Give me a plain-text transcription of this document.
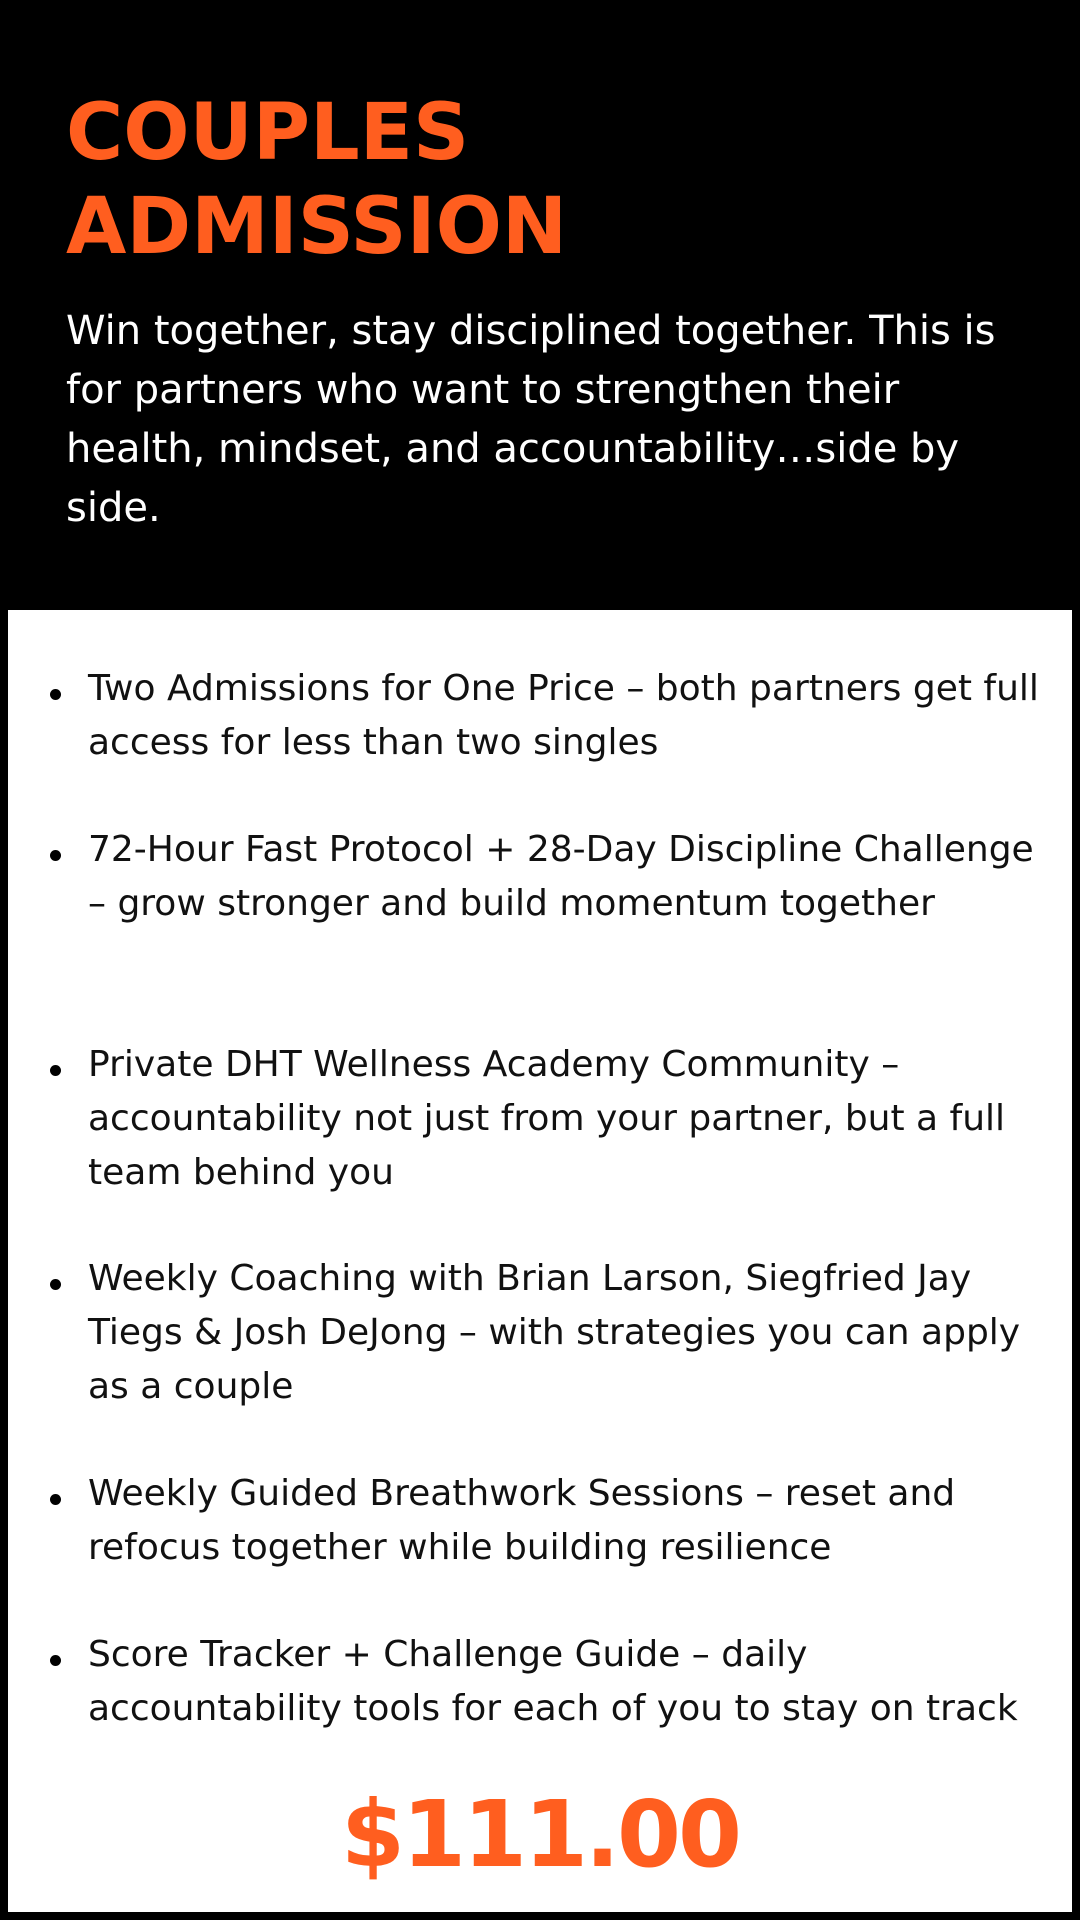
COUPLES
ADMISSION

Win together, stay disciplined together. This is for partners who want to strengthen their health, mindset, and accountability…side by side.

Two Admissions for One Price – both partners get full access for less than two singles
72-Hour Fast Protocol + 28-Day Discipline Challenge – grow stronger and build momentum together
Private DHT Wellness Academy Community – accountability not just from your partner, but a full team behind you
Weekly Coaching with Brian Larson, Siegfried Jay Tiegs & Josh DeJong – with strategies you can apply as a couple
Weekly Guided Breathwork Sessions – reset and refocus together while building resilience
Score Tracker + Challenge Guide – daily accountability tools for each of you to stay on track
$111.00
